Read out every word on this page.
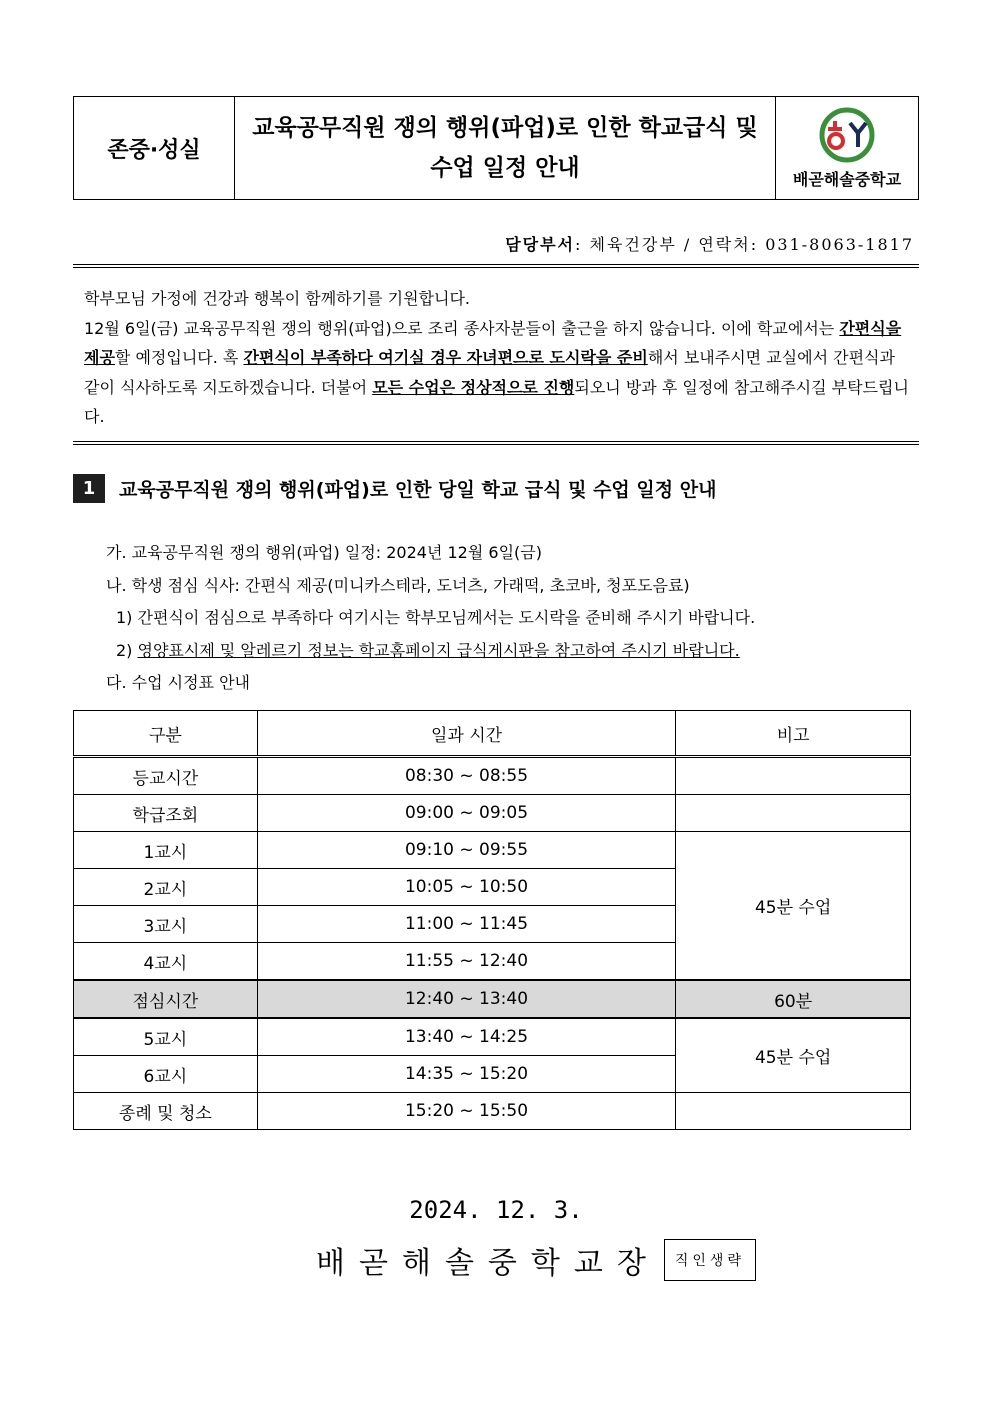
존중·성실
교육공무직원 쟁의 행위(파업)로 인한 학교급식 및
수업 일정 안내	배곧해솔중학교
담당부서: 체육건강부 / 연락처: 031-8063-1817

학부모님 가정에 건강과 행복이 함께하기를 기원합니다.

12월 6일(금) 교육공무직원 쟁의 행위(파업)으로 조리 종사자분들이 출근을 하지 않습니다. 이에 학교에서는 간편식을 제공할 예정입니다. 혹 간편식이 부족하다 여기실 경우 자녀편으로 도시락을 준비해서 보내주시면 교실에서 간편식과 같이 식사하도록 지도하겠습니다. 더불어 모든 수업은 정상적으로 진행되오니 방과 후 일정에 참고해주시길 부탁드립니다.

1	교육공무직원 쟁의 행위(파업)로 인한 당일 학교 급식 및 수업 일정 안내
가. 교육공무직원 쟁의 행위(파업) 일정: 2024년 12월 6일(금)
나. 학생 점심 식사: 간편식 제공(미니카스테라, 도너츠, 가래떡, 초코바, 청포도음료)
1) 간편식이 점심으로 부족하다 여기시는 학부모님께서는 도시락을 준비해 주시기 바랍니다.
2) 영양표시제 및 알레르기 정보는 학교홈페이지 급식게시판을 참고하여 주시기 바랍니다.
다. 수업 시정표 안내
구분	일과 시간	비고
등교시간	08:30 ~ 08:55	
학급조회	09:00 ~ 09:05	
1교시	09:10 ~ 09:55	45분 수업
2교시	10:05 ~ 10:50	
3교시	11:00 ~ 11:45	
4교시	11:55 ~ 12:40	
점심시간	12:40 ~ 13:40	60분
5교시	13:40 ~ 14:25	45분 수업
6교시	14:35 ~ 15:20	
종례 및 청소	15:20 ~ 15:50	
2024. 12. 3.
배곧해솔중학교장	직인생략
